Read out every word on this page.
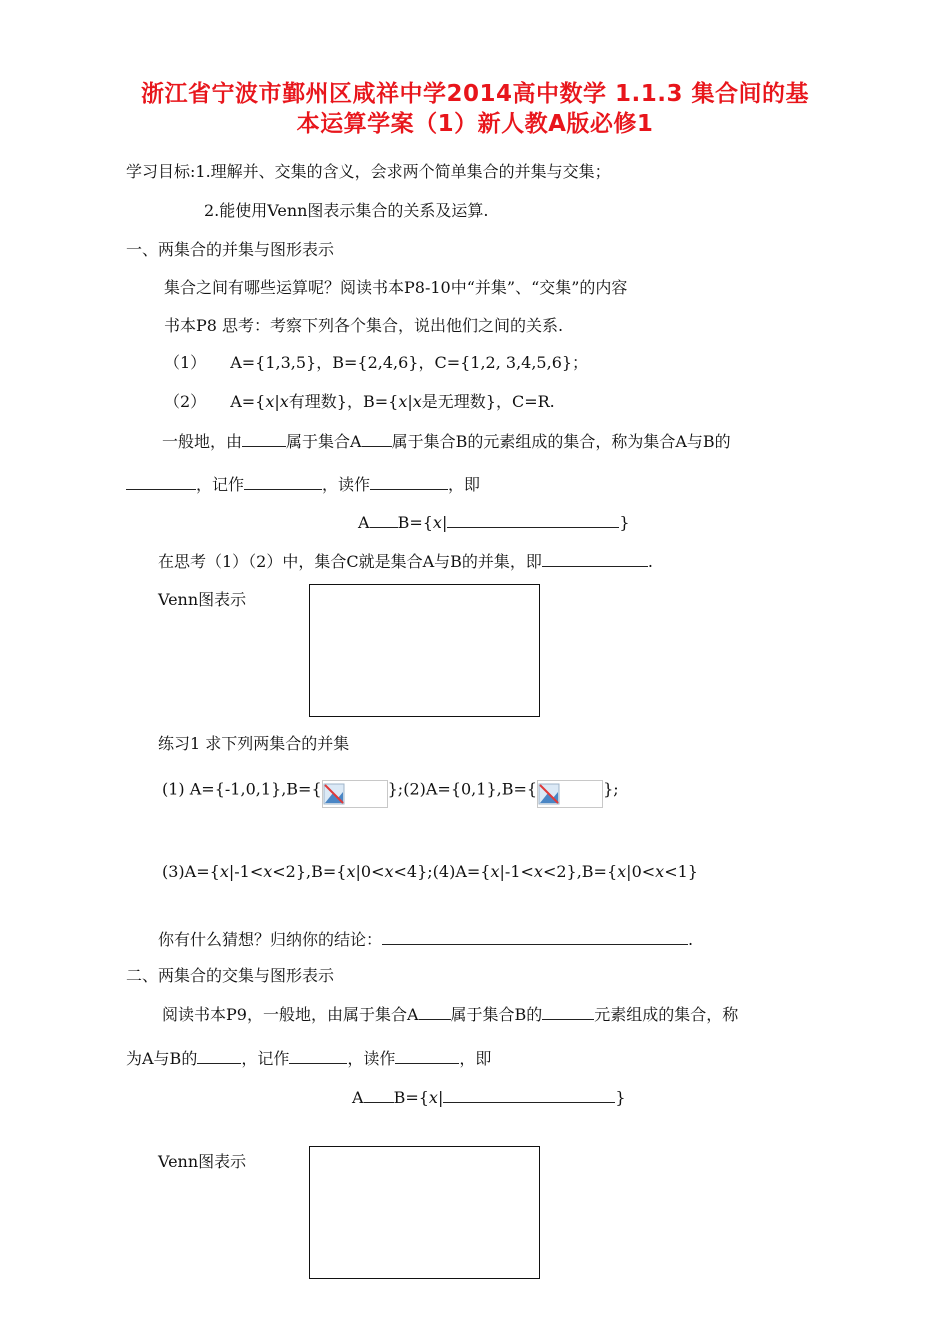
浙江省宁波市鄞州区咸祥中学2014高中数学 1.1.3 集合间的基
本运算学案（1）新人教A版必修1
学习目标:1.理解并、交集的含义，会求两个简单集合的并集与交集；
2.能使用Venn图表示集合的关系及运算.
一、两集合的并集与图形表示
集合之间有哪些运算呢？阅读书本P8-10中“并集”、“交集”的内容
书本P8 思考：考察下列各个集合，说出他们之间的关系.
（1） A={1,3,5}，B={2,4,6}，C={1,2, 3,4,5,6}；
（2） A={x|x有理数}，B={x|x是无理数}，C=R.
一般地，由	属于集合A 属于集合B的元素组成的集合，称为集合A与B的
，记作	，读作	，即
A B={x|	}
在思考（1）（2）中，集合C就是集合A与B的并集，即	.
Venn图表示
练习1 求下列两集合的并集
(1) A={-1,0,1},B={	};(2)A={0,1},B={	};
(3)A={x|-1<x<2},B={x|0<x<4};(4)A={x|-1<x<2},B={x|0<x<1}
你有什么猜想？归纳你的结论：	.
二、两集合的交集与图形表示
阅读书本P9，一般地，由属于集合A 属于集合B的	元素组成的集合，称
为A与B的	，记作	，读作	，即
A B={x|	}
Venn图表示
